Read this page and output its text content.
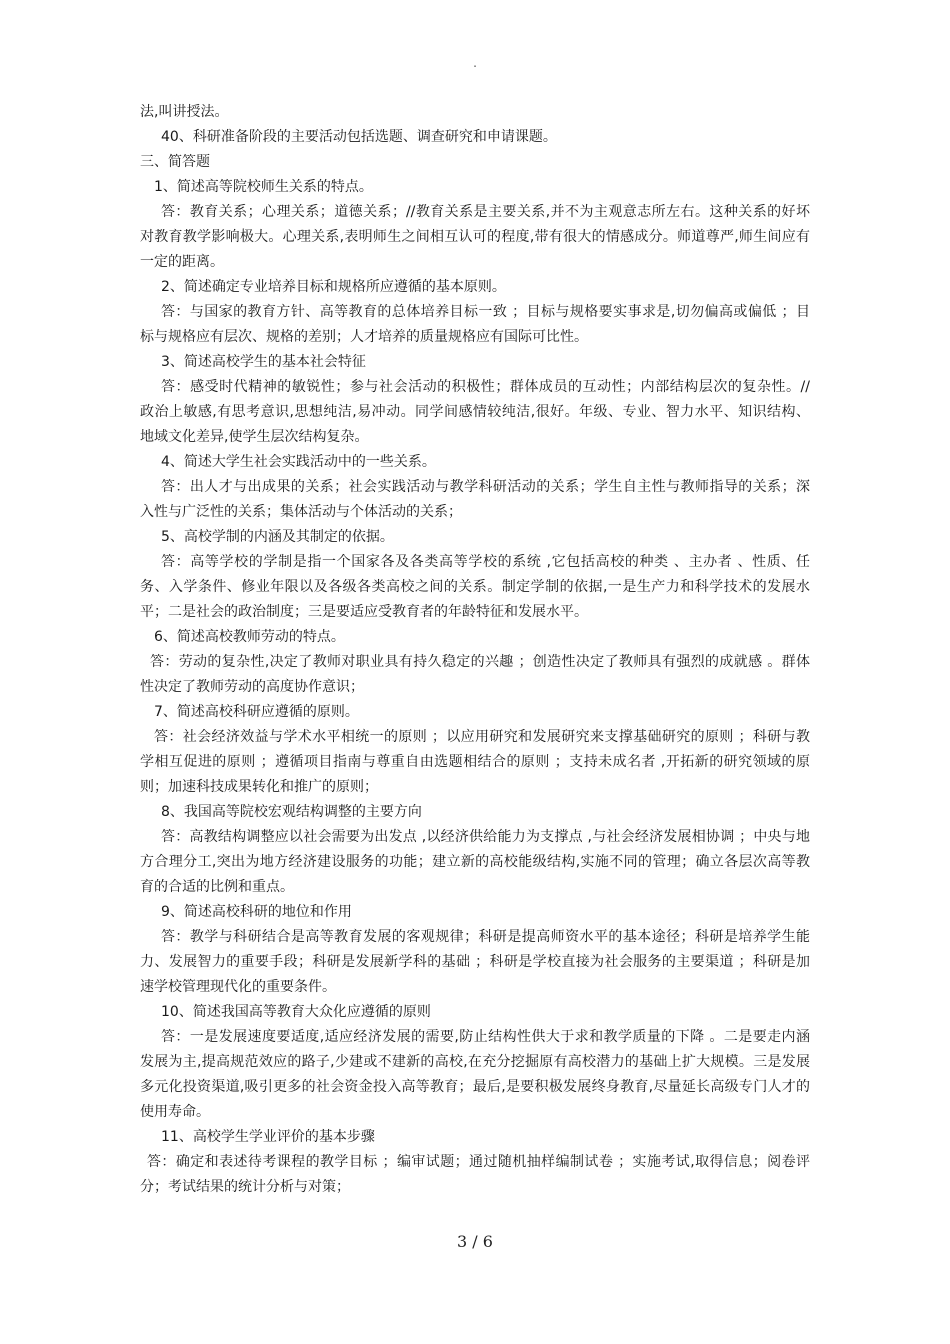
.
法,叫讲授法。
40、科研准备阶段的主要活动包括选题、调查研究和申请课题。
三、简答题
1、简述高等院校师生关系的特点。
答：教育关系；心理关系；道德关系；//教育关系是主要关系,并不为主观意志所左右。这种关系的好坏
对教育教学影响极大。心理关系,表明师生之间相互认可的程度,带有很大的情感成分。师道尊严,师生间应有
一定的距离。
2、简述确定专业培养目标和规格所应遵循的基本原则。
答：与国家的教育方针、高等教育的总体培养目标一致 ；目标与规格要实事求是,切勿偏高或偏低 ；目
标与规格应有层次、规格的差别；人才培养的质量规格应有国际可比性。
3、简述高校学生的基本社会特征
答：感受时代精神的敏锐性；参与社会活动的积极性；群体成员的互动性；内部结构层次的复杂性。//
政治上敏感,有思考意识,思想纯洁,易冲动。同学间感情较纯洁,很好。年级、专业、智力水平、知识结构、
地域文化差异,使学生层次结构复杂。
4、简述大学生社会实践活动中的一些关系。
答：出人才与出成果的关系；社会实践活动与教学科研活动的关系；学生自主性与教师指导的关系；深
入性与广泛性的关系；集体活动与个体活动的关系；
5、高校学制的内涵及其制定的依据。
答：高等学校的学制是指一个国家各及各类高等学校的系统 ,它包括高校的种类 、主办者 、性质、任
务、入学条件、修业年限以及各级各类高校之间的关系。制定学制的依据,一是生产力和科学技术的发展水
平；二是社会的政治制度；三是要适应受教育者的年龄特征和发展水平。
6、简述高校教师劳动的特点。
答：劳动的复杂性,决定了教师对职业具有持久稳定的兴趣 ；创造性决定了教师具有强烈的成就感 。群体
性决定了教师劳动的高度协作意识；
7、简述高校科研应遵循的原则。
答：社会经济效益与学术水平相统一的原则 ；以应用研究和发展研究来支撑基础研究的原则 ；科研与教
学相互促进的原则 ；遵循项目指南与尊重自由选题相结合的原则 ；支持未成名者 ,开拓新的研究领域的原
则；加速科技成果转化和推广的原则；
8、我国高等院校宏观结构调整的主要方向
答：高教结构调整应以社会需要为出发点 ,以经济供给能力为支撑点 ,与社会经济发展相协调 ；中央与地
方合理分工,突出为地方经济建设服务的功能；建立新的高校能级结构,实施不同的管理；确立各层次高等教
育的合适的比例和重点。
9、简述高校科研的地位和作用
答：教学与科研结合是高等教育发展的客观规律；科研是提高师资水平的基本途径；科研是培养学生能
力、发展智力的重要手段；科研是发展新学科的基础 ；科研是学校直接为社会服务的主要渠道 ；科研是加
速学校管理现代化的重要条件。
10、简述我国高等教育大众化应遵循的原则
答：一是发展速度要适度,适应经济发展的需要,防止结构性供大于求和教学质量的下降 。二是要走内涵
发展为主,提高规范效应的路子,少建或不建新的高校,在充分挖掘原有高校潜力的基础上扩大规模。三是发展
多元化投资渠道,吸引更多的社会资金投入高等教育；最后,是要积极发展终身教育,尽量延长高级专门人才的
使用寿命。
11、高校学生学业评价的基本步骤
答：确定和表述待考课程的教学目标 ；编审试题；通过随机抽样编制试卷 ；实施考试,取得信息；阅卷评
分；考试结果的统计分析与对策；
3 / 6
